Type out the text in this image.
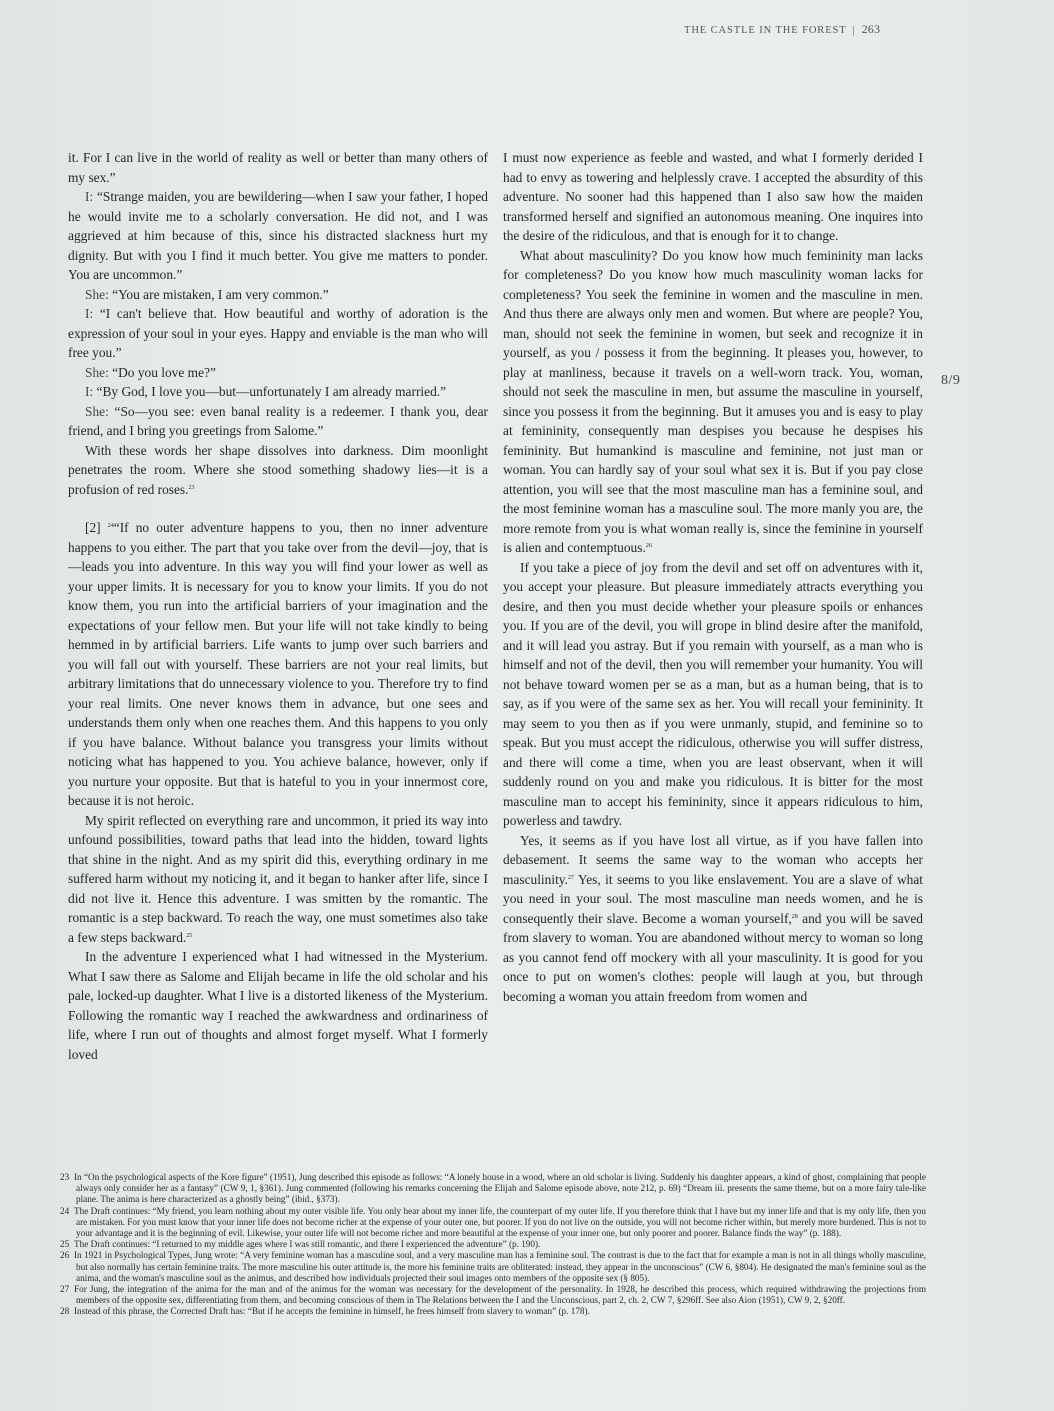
THE CASTLE IN THE FOREST | 263
8/9

it. For I can live in the world of reality as well or better than many others of my sex.”

I: “Strange maiden, you are bewildering—when I saw your father, I hoped he would invite me to a scholarly conversation. He did not, and I was aggrieved at him because of this, since his distracted slackness hurt my dignity. But with you I find it much better. You give me matters to ponder. You are uncommon.”

She: “You are mistaken, I am very common.”

I: “I can't believe that. How beautiful and worthy of adoration is the expression of your soul in your eyes. Happy and enviable is the man who will free you.”

She: “Do you love me?”

I: “By God, I love you—but—unfortunately I am already married.”

She: “So—you see: even banal reality is a redeemer. I thank you, dear friend, and I bring you greetings from Salome.”

With these words her shape dissolves into darkness. Dim moonlight penetrates the room. Where she stood something shadowy lies—it is a profusion of red roses.$^{23}$

[2] $^{24}$“If no outer adventure happens to you, then no inner adventure happens to you either. The part that you take over from the devil—joy, that is—leads you into adventure. In this way you will find your lower as well as your upper limits. It is necessary for you to know your limits. If you do not know them, you run into the artificial barriers of your imagination and the expectations of your fellow men. But your life will not take kindly to being hemmed in by artificial barriers. Life wants to jump over such barriers and you will fall out with yourself. These barriers are not your real limits, but arbitrary limitations that do unnecessary violence to you. Therefore try to find your real limits. One never knows them in advance, but one sees and understands them only when one reaches them. And this happens to you only if you have balance. Without balance you transgress your limits without noticing what has happened to you. You achieve balance, however, only if you nurture your opposite. But that is hateful to you in your innermost core, because it is not heroic.

My spirit reflected on everything rare and uncommon, it pried its way into unfound possibilities, toward paths that lead into the hidden, toward lights that shine in the night. And as my spirit did this, everything ordinary in me suffered harm without my noticing it, and it began to hanker after life, since I did not live it. Hence this adventure. I was smitten by the romantic. The romantic is a step backward. To reach the way, one must sometimes also take a few steps backward.$^{25}$

In the adventure I experienced what I had witnessed in the Mysterium. What I saw there as Salome and Elijah became in life the old scholar and his pale, locked-up daughter. What I live is a distorted likeness of the Mysterium. Following the romantic way I reached the awkwardness and ordinariness of life, where I run out of thoughts and almost forget myself. What I formerly loved

I must now experience as feeble and wasted, and what I formerly derided I had to envy as towering and helplessly crave. I accepted the absurdity of this adventure. No sooner had this happened than I also saw how the maiden transformed herself and signified an autonomous meaning. One inquires into the desire of the ridiculous, and that is enough for it to change.

What about masculinity? Do you know how much femininity man lacks for completeness? Do you know how much masculinity woman lacks for completeness? You seek the feminine in women and the masculine in men. And thus there are always only men and women. But where are people? You, man, should not seek the feminine in women, but seek and recognize it in yourself, as you / possess it from the beginning. It pleases you, however, to play at manliness, because it travels on a well-worn track. You, woman, should not seek the masculine in men, but assume the masculine in yourself, since you possess it from the beginning. But it amuses you and is easy to play at femininity, consequently man despises you because he despises his femininity. But humankind is masculine and feminine, not just man or woman. You can hardly say of your soul what sex it is. But if you pay close attention, you will see that the most masculine man has a feminine soul, and the most feminine woman has a masculine soul. The more manly you are, the more remote from you is what woman really is, since the feminine in yourself is alien and contemptuous.$^{26}$

If you take a piece of joy from the devil and set off on adventures with it, you accept your pleasure. But pleasure immediately attracts everything you desire, and then you must decide whether your pleasure spoils or enhances you. If you are of the devil, you will grope in blind desire after the manifold, and it will lead you astray. But if you remain with yourself, as a man who is himself and not of the devil, then you will remember your humanity. You will not behave toward women per se as a man, but as a human being, that is to say, as if you were of the same sex as her. You will recall your femininity. It may seem to you then as if you were unmanly, stupid, and feminine so to speak. But you must accept the ridiculous, otherwise you will suffer distress, and there will come a time, when you are least observant, when it will suddenly round on you and make you ridiculous. It is bitter for the most masculine man to accept his femininity, since it appears ridiculous to him, powerless and tawdry.

Yes, it seems as if you have lost all virtue, as if you have fallen into debasement. It seems the same way to the woman who accepts her masculinity.$^{27}$ Yes, it seems to you like enslavement. You are a slave of what you need in your soul. The most masculine man needs women, and he is consequently their slave. Become a woman yourself,$^{28}$ and you will be saved from slavery to woman. You are abandoned without mercy to woman so long as you cannot fend off mockery with all your masculinity. It is good for you once to put on women's clothes: people will laugh at you, but through becoming a woman you attain freedom from women and

23 In “On the psychological aspects of the Kore figure” (1951), Jung described this episode as follows: “A lonely house in a wood, where an old scholar is living. Suddenly his daughter appears, a kind of ghost, complaining that people always only consider her as a fantasy” (CW 9, 1, §361). Jung commented (following his remarks concerning the Elijah and Salome episode above, note 212, p. 69) “Dream iii. presents the same theme, but on a more fairy tale-like plane. The anima is here characterized as a ghostly being” (ibid., §373).
24 The Draft continues: “My friend, you learn nothing about my outer visible life. You only hear about my inner life, the counterpart of my outer life. If you therefore think that I have but my inner life and that is my only life, then you are mistaken. For you must know that your inner life does not become richer at the expense of your outer one, but poorer. If you do not live on the outside, you will not become richer within, but merely more burdened. This is not to your advantage and it is the beginning of evil. Likewise, your outer life will not become richer and more beautiful at the expense of your inner one, but only poorer and poorer. Balance finds the way” (p. 188).
25 The Draft continues: “I returned to my middle ages where I was still romantic, and there I experienced the adventure” (p. 190).
26 In 1921 in Psychological Types, Jung wrote: “A very feminine woman has a masculine soul, and a very masculine man has a feminine soul. The contrast is due to the fact that for example a man is not in all things wholly masculine, but also normally has certain feminine traits. The more masculine his outer attitude is, the more his feminine traits are obliterated: instead, they appear in the unconscious” (CW 6, §804). He designated the man's feminine soul as the anima, and the woman's masculine soul as the animus, and described how individuals projected their soul images onto members of the opposite sex (§ 805).
27 For Jung, the integration of the anima for the man and of the animus for the woman was necessary for the development of the personality. In 1928, he described this process, which required withdrawing the projections from members of the opposite sex, differentiating from them, and becoming conscious of them in The Relations between the I and the Unconscious, part 2, ch. 2, CW 7, §296ff. See also Aion (1951), CW 9, 2, §20ff.
28 Instead of this phrase, the Corrected Draft has: “But if he accepts the feminine in himself, he frees himself from slavery to woman” (p. 178).
